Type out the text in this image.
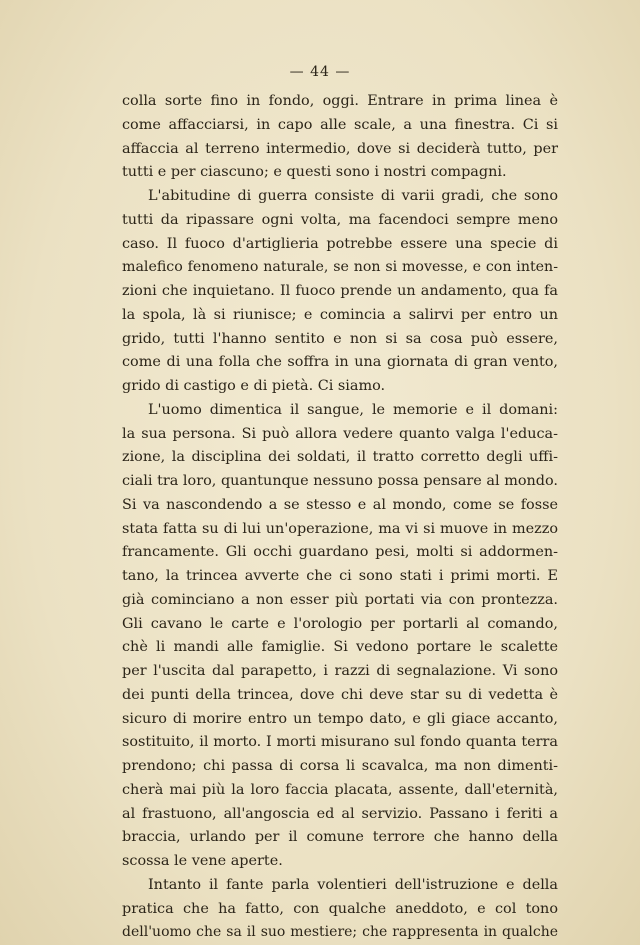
— 44 —
colla sorte fino in fondo, oggi. Entrare in prima linea è
come affacciarsi, in capo alle scale, a una finestra. Ci si
affaccia al terreno intermedio, dove si deciderà tutto, per
tutti e per ciascuno; e questi sono i nostri compagni.
L'abitudine di guerra consiste di varii gradi, che sono
tutti da ripassare ogni volta, ma facendoci sempre meno
caso. Il fuoco d'artiglieria potrebbe essere una specie di
malefico fenomeno naturale, se non si movesse, e con inten-
zioni che inquietano. Il fuoco prende un andamento, qua fa
la spola, là si riunisce; e comincia a salirvi per entro un
grido, tutti l'hanno sentito e non si sa cosa può essere,
come di una folla che soffra in una giornata di gran vento,
grido di castigo e di pietà. Ci siamo.
L'uomo dimentica il sangue, le memorie e il domani:
la sua persona. Si può allora vedere quanto valga l'educa-
zione, la disciplina dei soldati, il tratto corretto degli uffi-
ciali tra loro, quantunque nessuno possa pensare al mondo.
Si va nascondendo a se stesso e al mondo, come se fosse
stata fatta su di lui un'operazione, ma vi si muove in mezzo
francamente. Gli occhi guardano pesi, molti si addormen-
tano, la trincea avverte che ci sono stati i primi morti. E
già cominciano a non esser più portati via con prontezza.
Gli cavano le carte e l'orologio per portarli al comando,
chè li mandi alle famiglie. Si vedono portare le scalette
per l'uscita dal parapetto, i razzi di segnalazione. Vi sono
dei punti della trincea, dove chi deve star su di vedetta è
sicuro di morire entro un tempo dato, e gli giace accanto,
sostituito, il morto. I morti misurano sul fondo quanta terra
prendono; chi passa di corsa li scavalca, ma non dimenti-
cherà mai più la loro faccia placata, assente, dall'eternità,
al frastuono, all'angoscia ed al servizio. Passano i feriti a
braccia, urlando per il comune terrore che hanno della
scossa le vene aperte.
Intanto il fante parla volentieri dell'istruzione e della
pratica che ha fatto, con qualche aneddoto, e col tono
dell'uomo che sa il suo mestiere; che rappresenta in qualche
